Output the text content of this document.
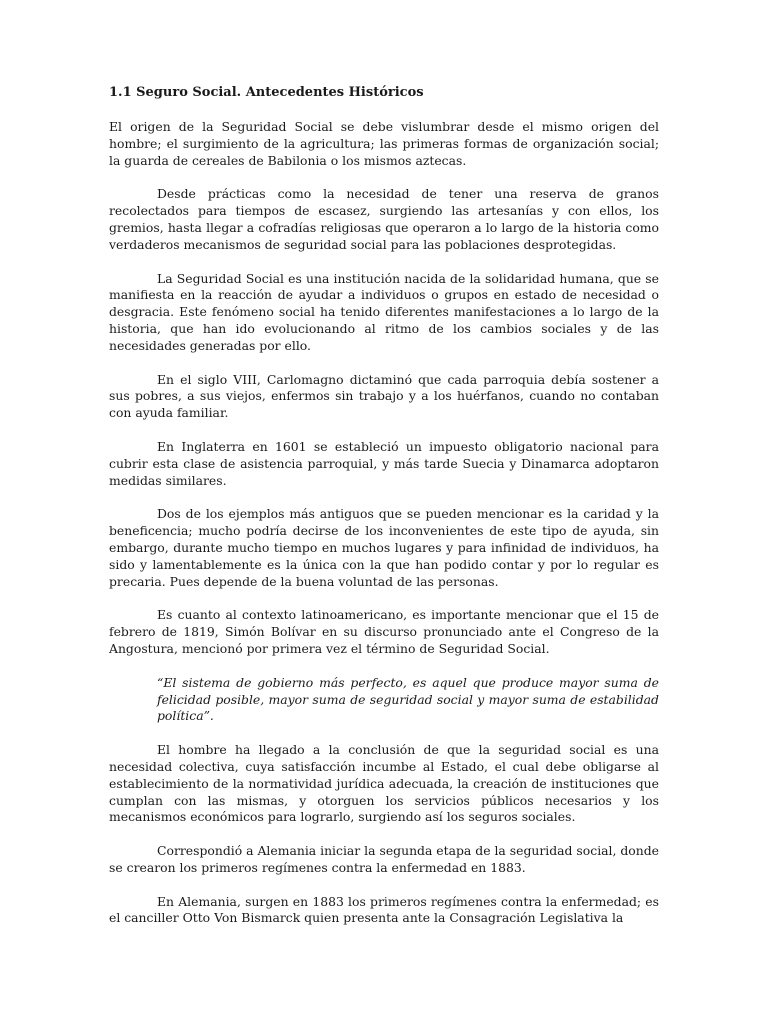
1.1 Seguro Social. Antecedentes Históricos

El origen de la Seguridad Social se debe vislumbrar desde el mismo origen del hombre; el surgimiento de la agricultura; las primeras formas de organización social; la guarda de cereales de Babilonia o los mismos aztecas.

Desde prácticas como la necesidad de tener una reserva de granos recolectados para tiempos de escasez, surgiendo las artesanías y con ellos, los gremios, hasta llegar a cofradías religiosas que operaron a lo largo de la historia como verdaderos mecanismos de seguridad social para las poblaciones desprotegidas.

La Seguridad Social es una institución nacida de la solidaridad humana, que se manifiesta en la reacción de ayudar a individuos o grupos en estado de necesidad o desgracia. Este fenómeno social ha tenido diferentes manifestaciones a lo largo de la historia, que han ido evolucionando al ritmo de los cambios sociales y de las necesidades generadas por ello.

En el siglo VIII, Carlomagno dictaminó que cada parroquia debía sostener a sus pobres, a sus viejos, enfermos sin trabajo y a los huérfanos, cuando no contaban con ayuda familiar.

En Inglaterra en 1601 se estableció un impuesto obligatorio nacional para cubrir esta clase de asistencia parroquial, y más tarde Suecia y Dinamarca adoptaron medidas similares.

Dos de los ejemplos más antiguos que se pueden mencionar es la caridad y la beneficencia; mucho podría decirse de los inconvenientes de este tipo de ayuda, sin embargo, durante mucho tiempo en muchos lugares y para infinidad de individuos, ha sido y lamentablemente es la única con la que han podido contar y por lo regular es precaria. Pues depende de la buena voluntad de las personas.

Es cuanto al contexto latinoamericano, es importante mencionar que el 15 de febrero de 1819, Simón Bolívar en su discurso pronunciado ante el Congreso de la Angostura, mencionó por primera vez el término de Seguridad Social.

“El sistema de gobierno más perfecto, es aquel que produce mayor suma de felicidad posible, mayor suma de seguridad social y mayor suma de estabilidad política”.

El hombre ha llegado a la conclusión de que la seguridad social es una necesidad colectiva, cuya satisfacción incumbe al Estado, el cual debe obligarse al establecimiento de la normatividad jurídica adecuada, la creación de instituciones que cumplan con las mismas, y otorguen los servicios públicos necesarios y los mecanismos económicos para lograrlo, surgiendo así los seguros sociales.

Correspondió a Alemania iniciar la segunda etapa de la seguridad social, donde se crearon los primeros regímenes contra la enfermedad en 1883.

En Alemania, surgen en 1883 los primeros regímenes contra la enfermedad; es el canciller Otto Von Bismarck quien presenta ante la Consagración Legislativa la
